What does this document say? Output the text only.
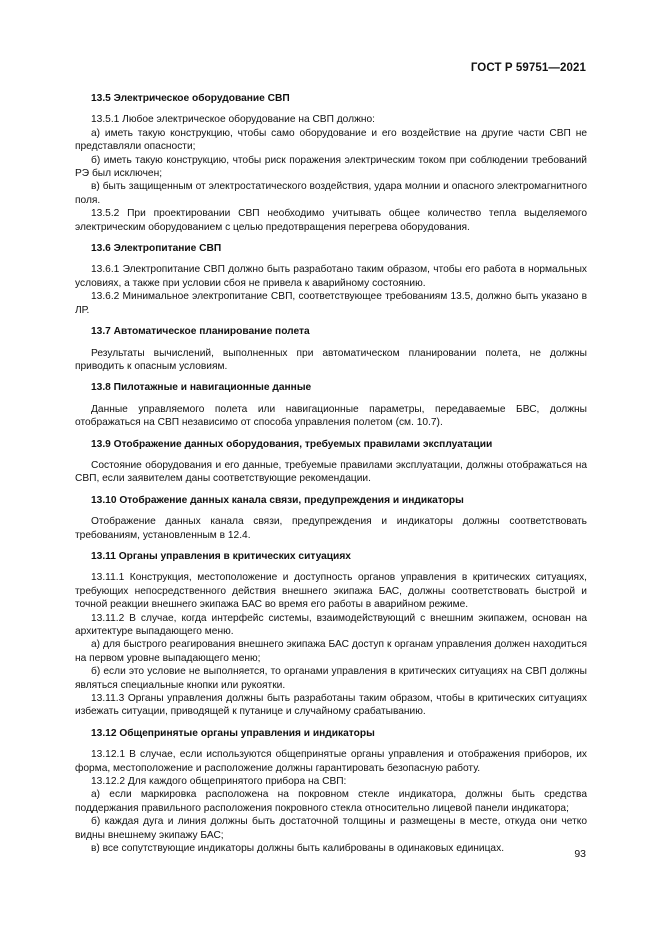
ГОСТ Р 59751—2021
13.5 Электрическое оборудование СВП

13.5.1 Любое электрическое оборудование на СВП должно:

а) иметь такую конструкцию, чтобы само оборудование и его воздействие на другие части СВП не представляли опасности;

б) иметь такую конструкцию, чтобы риск поражения электрическим током при соблюдении требований РЭ был исключен;

в) быть защищенным от электростатического воздействия, удара молнии и опасного электромагнитного поля.

13.5.2 При проектировании СВП необходимо учитывать общее количество тепла выделяемого электрическим оборудованием с целью предотвращения перегрева оборудования.

13.6 Электропитание СВП

13.6.1 Электропитание СВП должно быть разработано таким образом, чтобы его работа в нормальных условиях, а также при условии сбоя не привела к аварийному состоянию.

13.6.2 Минимальное электропитание СВП, соответствующее требованиям 13.5, должно быть указано в ЛР.

13.7 Автоматическое планирование полета

Результаты вычислений, выполненных при автоматическом планировании полета, не должны приводить к опасным условиям.

13.8 Пилотажные и навигационные данные

Данные управляемого полета или навигационные параметры, передаваемые БВС, должны отображаться на СВП независимо от способа управления полетом (см. 10.7).

13.9 Отображение данных оборудования, требуемых правилами эксплуатации

Состояние оборудования и его данные, требуемые правилами эксплуатации, должны отображаться на СВП, если заявителем даны соответствующие рекомендации.

13.10 Отображение данных канала связи, предупреждения и индикаторы

Отображение данных канала связи, предупреждения и индикаторы должны соответствовать требованиям, установленным в 12.4.

13.11 Органы управления в критических ситуациях

13.11.1 Конструкция, местоположение и доступность органов управления в критических ситуациях, требующих непосредственного действия внешнего экипажа БАС, должны соответствовать быстрой и точной реакции внешнего экипажа БАС во время его работы в аварийном режиме.

13.11.2 В случае, когда интерфейс системы, взаимодействующий с внешним экипажем, основан на архитектуре выпадающего меню.

а) для быстрого реагирования внешнего экипажа БАС доступ к органам управления должен находиться на первом уровне выпадающего меню;

б) если это условие не выполняется, то органами управления в критических ситуациях на СВП должны являться специальные кнопки или рукоятки.

13.11.3 Органы управления должны быть разработаны таким образом, чтобы в критических ситуациях избежать ситуации, приводящей к путанице и случайному срабатыванию.

13.12 Общепринятые органы управления и индикаторы

13.12.1 В случае, если используются общепринятые органы управления и отображения приборов, их форма, местоположение и расположение должны гарантировать безопасную работу.

13.12.2 Для каждого общепринятого прибора на СВП:

а) если маркировка расположена на покровном стекле индикатора, должны быть средства поддержания правильного расположения покровного стекла относительно лицевой панели индикатора;

б) каждая дуга и линия должны быть достаточной толщины и размещены в месте, откуда они четко видны внешнему экипажу БАС;

в) все сопутствующие индикаторы должны быть калиброваны в одинаковых единицах.	93
